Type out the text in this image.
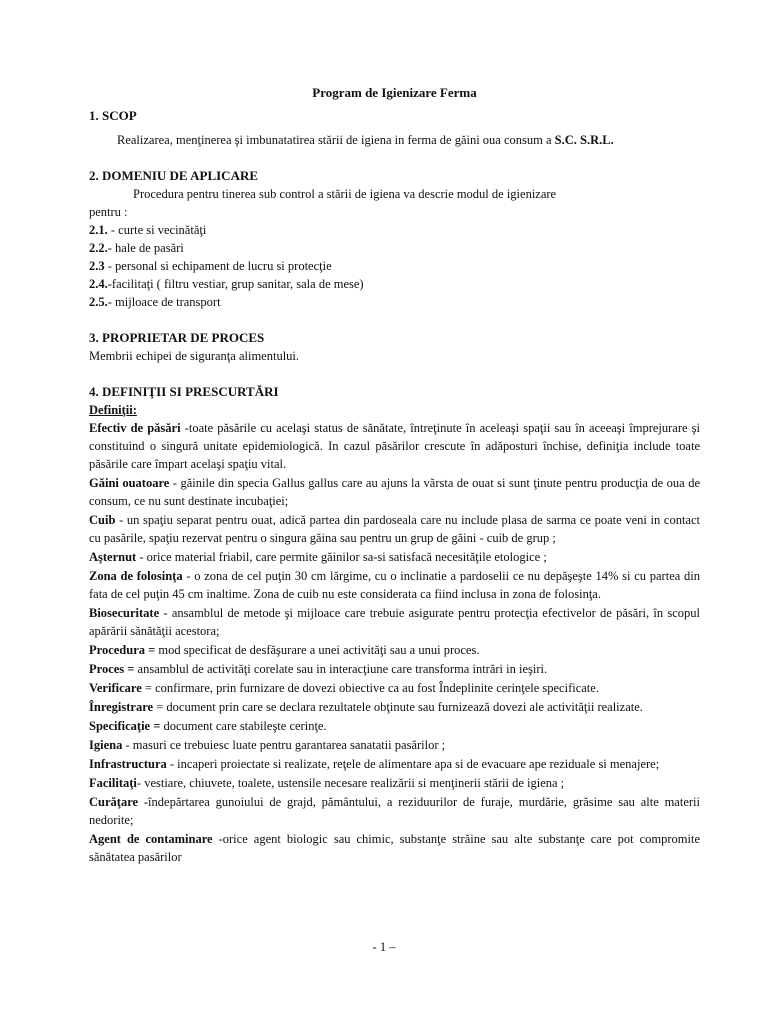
Program de Igienizare Ferma

1. SCOP

Realizarea, menţinerea şi imbunatatirea stării de igiena in ferma de găini oua consum a S.C. S.R.L.

2. DOMENIU DE APLICARE

Procedura pentru tinerea sub control a stării de igiena va descrie modul de igienizare

pentru :

2.1. - curte si vecinătăţi

2.2.- hale de pasări

2.3 - personal si echipament de lucru si protecţie

2.4.-facilitaţi ( filtru vestiar, grup sanitar, sala de mese)

2.5.- mijloace de transport

3. PROPRIETAR DE PROCES

Membrii echipei de siguranţa alimentului.

4. DEFINIŢII SI PRESCURTĂRI

Definiţii:

Efectiv de păsări -toate păsările cu acelaşi status de sănătate, întreţinute în aceleaşi spaţii sau în aceeaşi împrejurare şi constituind o singură unitate epidemiologică. In cazul păsărilor crescute în adăposturi închise, definiţia include toate păsările care împart acelaşi spaţiu vital.

Găini ouatoare - găinile din specia Gallus gallus care au ajuns la vărsta de ouat si sunt ţinute pentru producţia de oua de consum, ce nu sunt destinate incubaţiei;

Cuib - un spaţiu separat pentru ouat, adică partea din pardoseala care nu include plasa de sarma ce poate veni in contact cu pasările, spaţiu rezervat pentru o singura găina sau pentru un grup de găini - cuib de grup ;

Aşternut - orice material friabil, care permite găinilor sa-si satisfacă necesităţile etologice ;

Zona de folosinţa - o zona de cel puţin 30 cm lărgime, cu o inclinatie a pardoselii ce nu depăşeşte 14% si cu partea din fata de cel puţin 45 cm inaltime. Zona de cuib nu este considerata ca fiind inclusa in zona de folosinţa.

Biosecuritate - ansamblul de metode şi mijloace care trebuie asigurate pentru protecţia efectivelor de păsări, în scopul apărării sănătăţii acestora;

Procedura = mod specificat de desfăşurare a unei activităţi sau a unui proces.

Proces = ansamblul de activităţi corelate sau in interacţiune care transforma intrări in ieşiri.

Verificare = confirmare, prin furnizare de dovezi obiective ca au fost Îndeplinite cerinţele specificate.

Înregistrare = document prin care se declara rezultatele obţinute sau furnizează dovezi ale activităţii realizate.

Specificaţie = document care stabileşte cerinţe.

Igiena - masuri ce trebuiesc luate pentru garantarea sanatatii pasărilor ;

Infrastructura - incaperi proiectate si realizate, reţele de alimentare apa si de evacuare ape reziduale si menajere;

Facilitaţi- vestiare, chiuvete, toalete, ustensile necesare realizării si menţinerii stării de igiena ;

Curăţare -îndepărtarea gunoiului de grajd, pământului, a reziduurilor de furaje, murdărie, grăsime sau alte materii nedorite;

Agent de contaminare -orice agent biologic sau chimic, substanţe străine sau alte substanţe care pot compromite sănătatea pasărilor

- 1 –
